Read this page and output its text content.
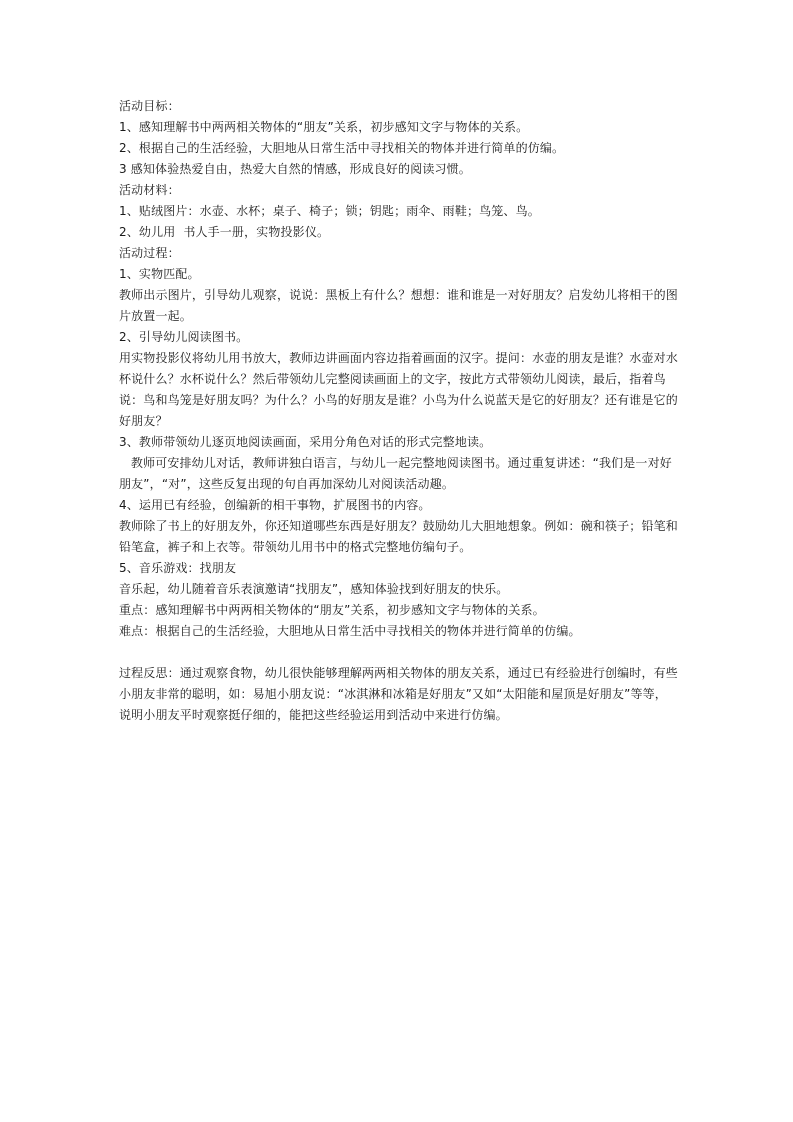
活动目标：
1、感知理解书中两两相关物体的“朋友”关系，初步感知文字与物体的关系。
2、根据自己的生活经验，大胆地从日常生活中寻找相关的物体并进行简单的仿编。
3 感知体验热爱自由，热爱大自然的情感，形成良好的阅读习惯。
活动材料：
1、贴绒图片：水壶、水杯；桌子、椅子；锁；钥匙；雨伞、雨鞋；鸟笼、鸟。
2、幼儿用  书人手一册，实物投影仪。
活动过程：
1、实物匹配。
教师出示图片，引导幼儿观察，说说：黑板上有什么？想想：谁和谁是一对好朋友？启发幼儿将相干的图片放置一起。
2、引导幼儿阅读图书。
用实物投影仪将幼儿用书放大，教师边讲画面内容边指着画面的汉字。提问：水壶的朋友是谁？水壶对水杯说什么？水杯说什么？然后带领幼儿完整阅读画面上的文字，按此方式带领幼儿阅读，最后，指着鸟说：鸟和鸟笼是好朋友吗？为什么？小鸟的好朋友是谁？小鸟为什么说蓝天是它的好朋友？还有谁是它的好朋友？
3、教师带领幼儿逐页地阅读画面，采用分角色对话的形式完整地读。
教师可安排幼儿对话，教师讲独白语言，与幼儿一起完整地阅读图书。通过重复讲述：“我们是一对好朋友”，“对”，这些反复出现的句自再加深幼儿对阅读活动趣。
4、运用已有经验，创编新的相干事物，扩展图书的内容。
教师除了书上的好朋友外，你还知道哪些东西是好朋友？鼓励幼儿大胆地想象。例如：碗和筷子；铅笔和铅笔盒，裤子和上衣等。带领幼儿用书中的格式完整地仿编句子。
5、音乐游戏：找朋友
音乐起，幼儿随着音乐表演邀请“找朋友”，感知体验找到好朋友的快乐。
重点：感知理解书中两两相关物体的“朋友”关系，初步感知文字与物体的关系。
难点：根据自己的生活经验，大胆地从日常生活中寻找相关的物体并进行简单的仿编。
过程反思：通过观察食物，幼儿很快能够理解两两相关物体的朋友关系，通过已有经验进行创编时，有些小朋友非常的聪明，如：易旭小朋友说：“冰淇淋和冰箱是好朋友”又如“太阳能和屋顶是好朋友”等等，说明小朋友平时观察挺仔细的，能把这些经验运用到活动中来进行仿编。
